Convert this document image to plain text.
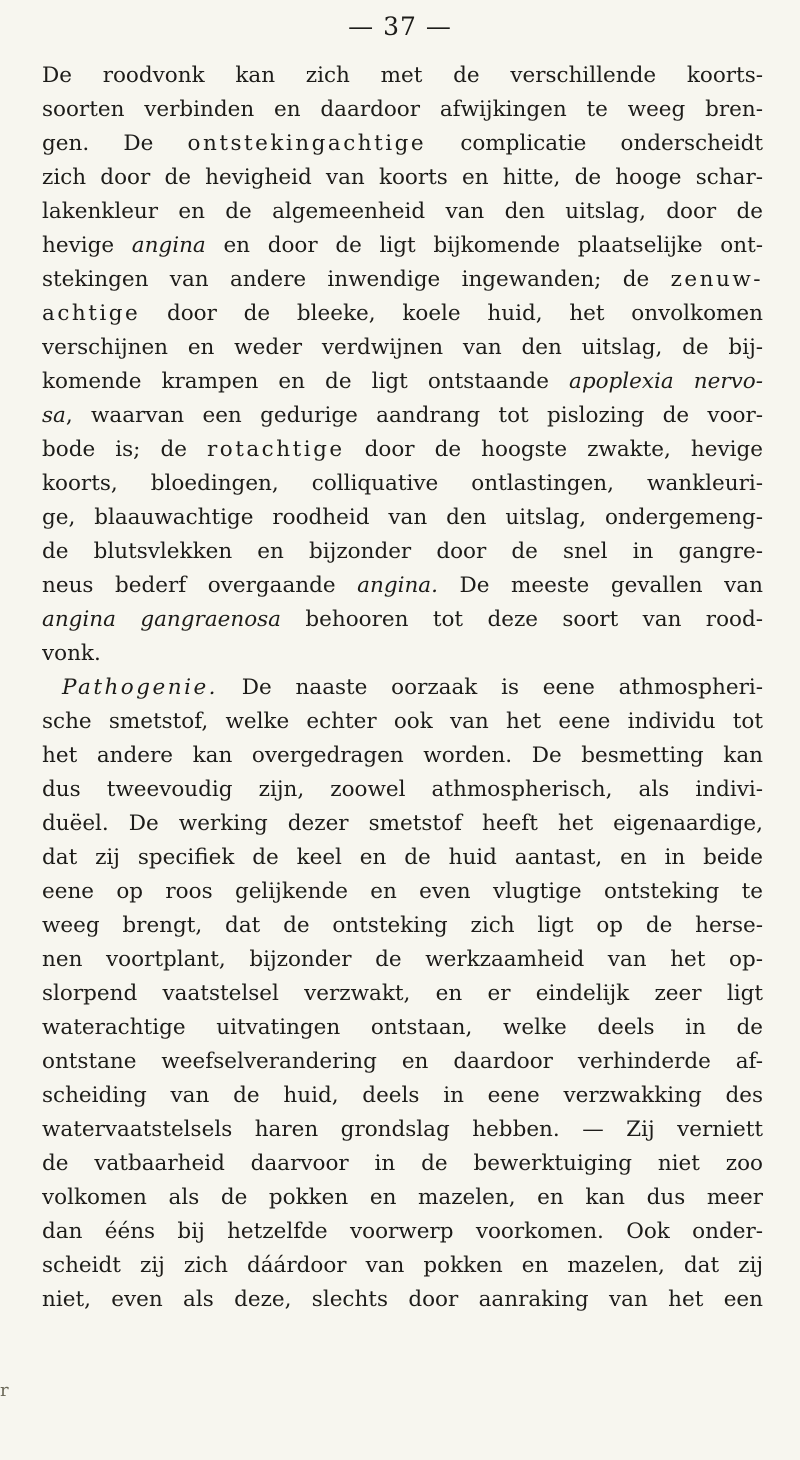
— 37 —
De roodvonk kan zich met de verschillende koorts-
soorten verbinden en daardoor afwijkingen te weeg bren-
gen. De ontstekingachtige complicatie onderscheidt
zich door de hevigheid van koorts en hitte, de hooge schar-
lakenkleur en de algemeenheid van den uitslag, door de
hevige angina en door de ligt bijkomende plaatselijke ont-
stekingen van andere inwendige ingewanden; de zenuw-
achtige door de bleeke, koele huid, het onvolkomen
verschijnen en weder verdwijnen van den uitslag, de bij-
komende krampen en de ligt ontstaande apoplexia nervo-
sa, waarvan een gedurige aandrang tot pislozing de voor-
bode is; de rotachtige door de hoogste zwakte, hevige
koorts, bloedingen, colliquative ontlastingen, wankleuri-
ge, blaauwachtige roodheid van den uitslag, ondergemeng-
de blutsvlekken en bijzonder door de snel in gangre-
neus bederf overgaande angina. De meeste gevallen van
angina gangraenosa behooren tot deze soort van rood-
vonk.
Pathogenie. De naaste oorzaak is eene athmospheri-
sche smetstof, welke echter ook van het eene individu tot
het andere kan overgedragen worden. De besmetting kan
dus tweevoudig zijn, zoowel athmospherisch, als indivi-
duëel. De werking dezer smetstof heeft het eigenaardige,
dat zij specifiek de keel en de huid aantast, en in beide
eene op roos gelijkende en even vlugtige ontsteking te
weeg brengt, dat de ontsteking zich ligt op de herse-
nen voortplant, bijzonder de werkzaamheid van het op-
slorpend vaatstelsel verzwakt, en er eindelijk zeer ligt
waterachtige uitvatingen ontstaan, welke deels in de
ontstane weefselverandering en daardoor verhinderde af-
scheiding van de huid, deels in eene verzwakking des
watervaatstelsels haren grondslag hebben. — Zij verniett
de vatbaarheid daarvoor in de bewerktuiging niet zoo
volkomen als de pokken en mazelen, en kan dus meer
dan ééns bij hetzelfde voorwerp voorkomen. Ook onder-
scheidt zij zich dáárdoor van pokken en mazelen, dat zij
niet, even als deze, slechts door aanraking van het een
r
